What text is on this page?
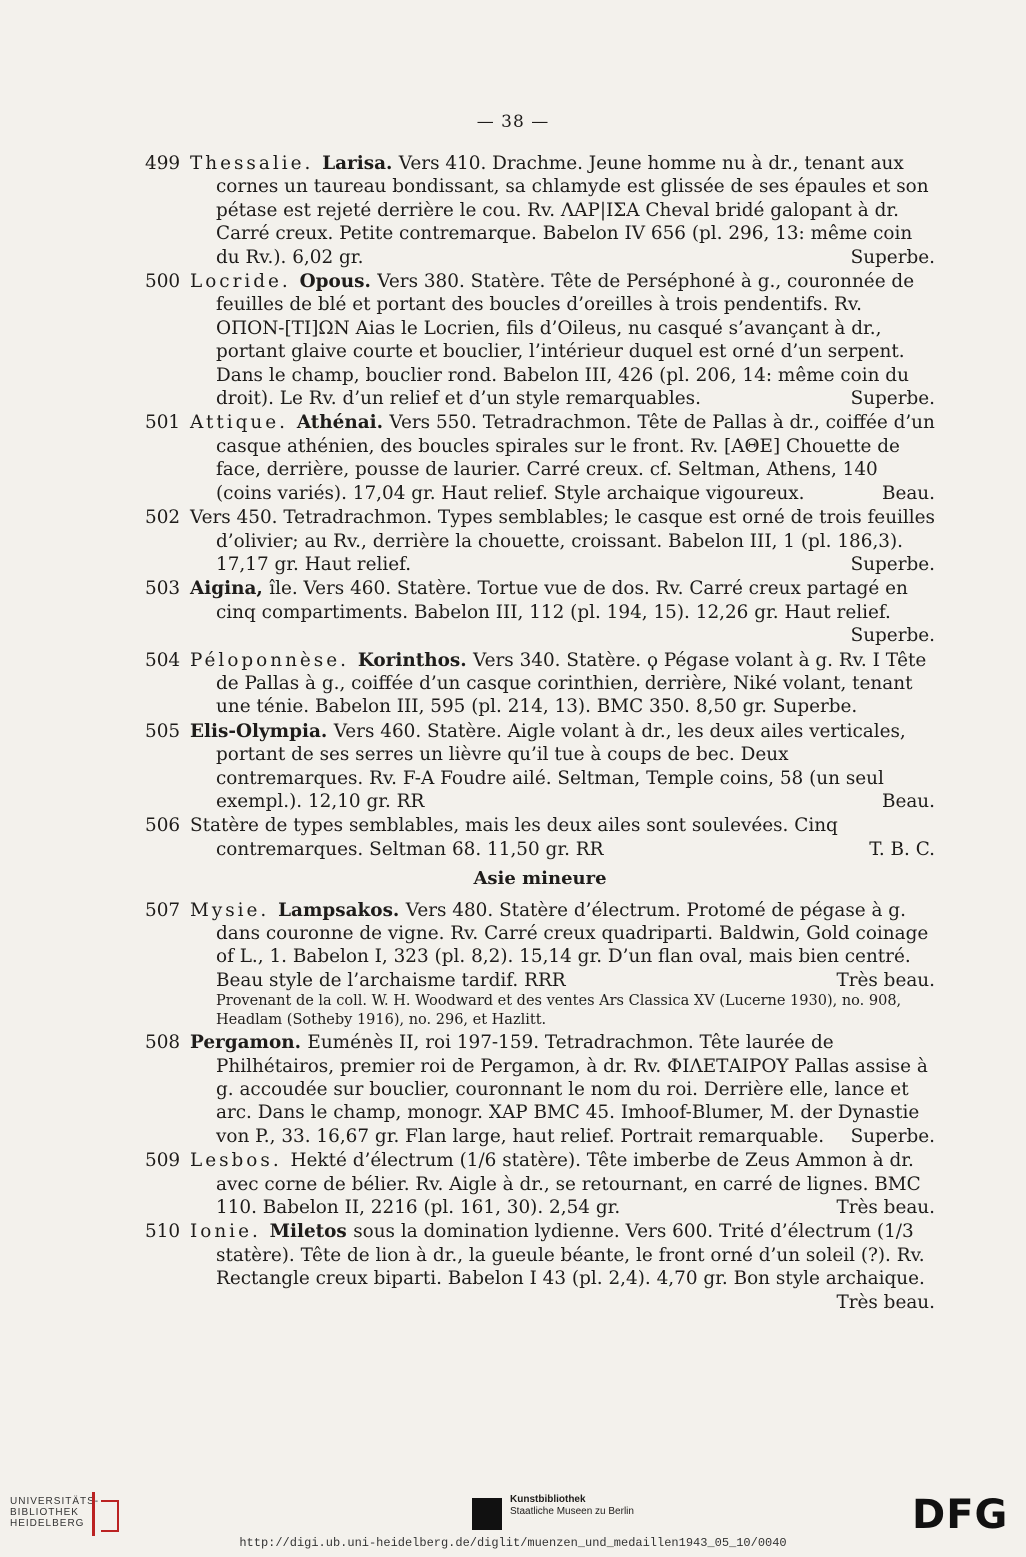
— 38 —
499 Thessalie. Larisa. Vers 410. Drachme. Jeune homme nu à dr., tenant aux cornes un taureau bondissant, sa chlamyde est glissée de ses épaules et son pétase est rejeté derrière le cou. Rv. ΛΑΡ|ΙΣΑ Cheval bridé galopant à dr. Carré creux. Petite contremarque. Babelon IV 656 (pl. 296, 13: même coin du Rv.). 6,02 gr.	Superbe.
500 Locride. Opous. Vers 380. Statère. Tête de Perséphoné à g., couronnée de feuilles de blé et portant des boucles d’oreilles à trois pendentifs. Rv. ΟΠΟΝ-[ΤΙ]ΩΝ Aias le Locrien, fils d’Oileus, nu casqué s’avançant à dr., portant glaive courte et bouclier, l’intérieur duquel est orné d’un serpent. Dans le champ, bouclier rond. Babelon III, 426 (pl. 206, 14: même coin du droit). Le Rv. d’un relief et d’un style remarquables.	Superbe.
501 Attique. Athénai. Vers 550. Tetradrachmon. Tête de Pallas à dr., coiffée d’un casque athénien, des boucles spirales sur le front. Rv. [ΑΘΕ] Chouette de face, derrière, pousse de laurier. Carré creux. cf. Seltman, Athens, 140 (coins variés). 17,04 gr. Haut relief. Style archaique vigoureux.	Beau.
502 Vers 450. Tetradrachmon. Types semblables; le casque est orné de trois feuilles d’olivier; au Rv., derrière la chouette, croissant. Babelon III, 1 (pl. 186,3). 17,17 gr. Haut relief.	Superbe.
503 Aigina, île. Vers 460. Statère. Tortue vue de dos. Rv. Carré creux partagé en cinq compartiments. Babelon III, 112 (pl. 194, 15). 12,26 gr. Haut relief.
Superbe.
504 Péloponnèse. Korinthos. Vers 340. Statère. ϙ Pégase volant à g. Rv. Ι Tête de Pallas à g., coiffée d’un casque corinthien, derrière, Niké volant, tenant une ténie. Babelon III, 595 (pl. 214, 13). BMC 350. 8,50 gr. Superbe.
505 Elis-Olympia. Vers 460. Statère. Aigle volant à dr., les deux ailes verticales, portant de ses serres un lièvre qu’il tue à coups de bec. Deux contremarques. Rv. F-A Foudre ailé. Seltman, Temple coins, 58 (un seul exempl.). 12,10 gr. RR	Beau.
506 Statère de types semblables, mais les deux ailes sont soulevées. Cinq contremarques. Seltman 68. 11,50 gr. RR	T. B. C.
Asie mineure
507 Mysie. Lampsakos. Vers 480. Statère d’électrum. Protomé de pégase à g. dans couronne de vigne. Rv. Carré creux quadriparti. Baldwin, Gold coinage of L., 1. Babelon I, 323 (pl. 8,2). 15,14 gr. D’un flan oval, mais bien centré. Beau style de l’archaisme tardif. RRR	Très beau.
Provenant de la coll. W. H. Woodward et des ventes Ars Classica XV (Lucerne 1930), no. 908, Headlam (Sotheby 1916), no. 296, et Hazlitt.
508 Pergamon. Euménès II, roi 197-159. Tetradrachmon. Tête laurée de Philhétairos, premier roi de Pergamon, à dr. Rv. ΦΙΛΕΤΑΙΡΟΥ Pallas assise à g. accoudée sur bouclier, couronnant le nom du roi. Derrière elle, lance et arc. Dans le champ, monogr. ΧΑΡ BMC 45. Imhoof-Blumer, M. der Dynastie von P., 33. 16,67 gr. Flan large, haut relief. Portrait remarquable. Superbe.
509 Lesbos. Hekté d’électrum (1/6 statère). Tête imberbe de Zeus Ammon à dr. avec corne de bélier. Rv. Aigle à dr., se retournant, en carré de lignes. BMC 110. Babelon II, 2216 (pl. 161, 30). 2,54 gr.	Très beau.
510 Ionie. Miletos sous la domination lydienne. Vers 600. Trité d’électrum (1/3 statère). Tête de lion à dr., la gueule béante, le front orné d’un soleil (?). Rv. Rectangle creux biparti. Babelon I 43 (pl. 2,4). 4,70 gr. Bon style archaique.
Très beau.
UNIVERSITÄTS-
BIBLIOTHEK
HEIDELBERG
Kunstbibliothek
Staatliche Museen zu Berlin	DFG
http://digi.ub.uni-heidelberg.de/diglit/muenzen_und_medaillen1943_05_10/0040
